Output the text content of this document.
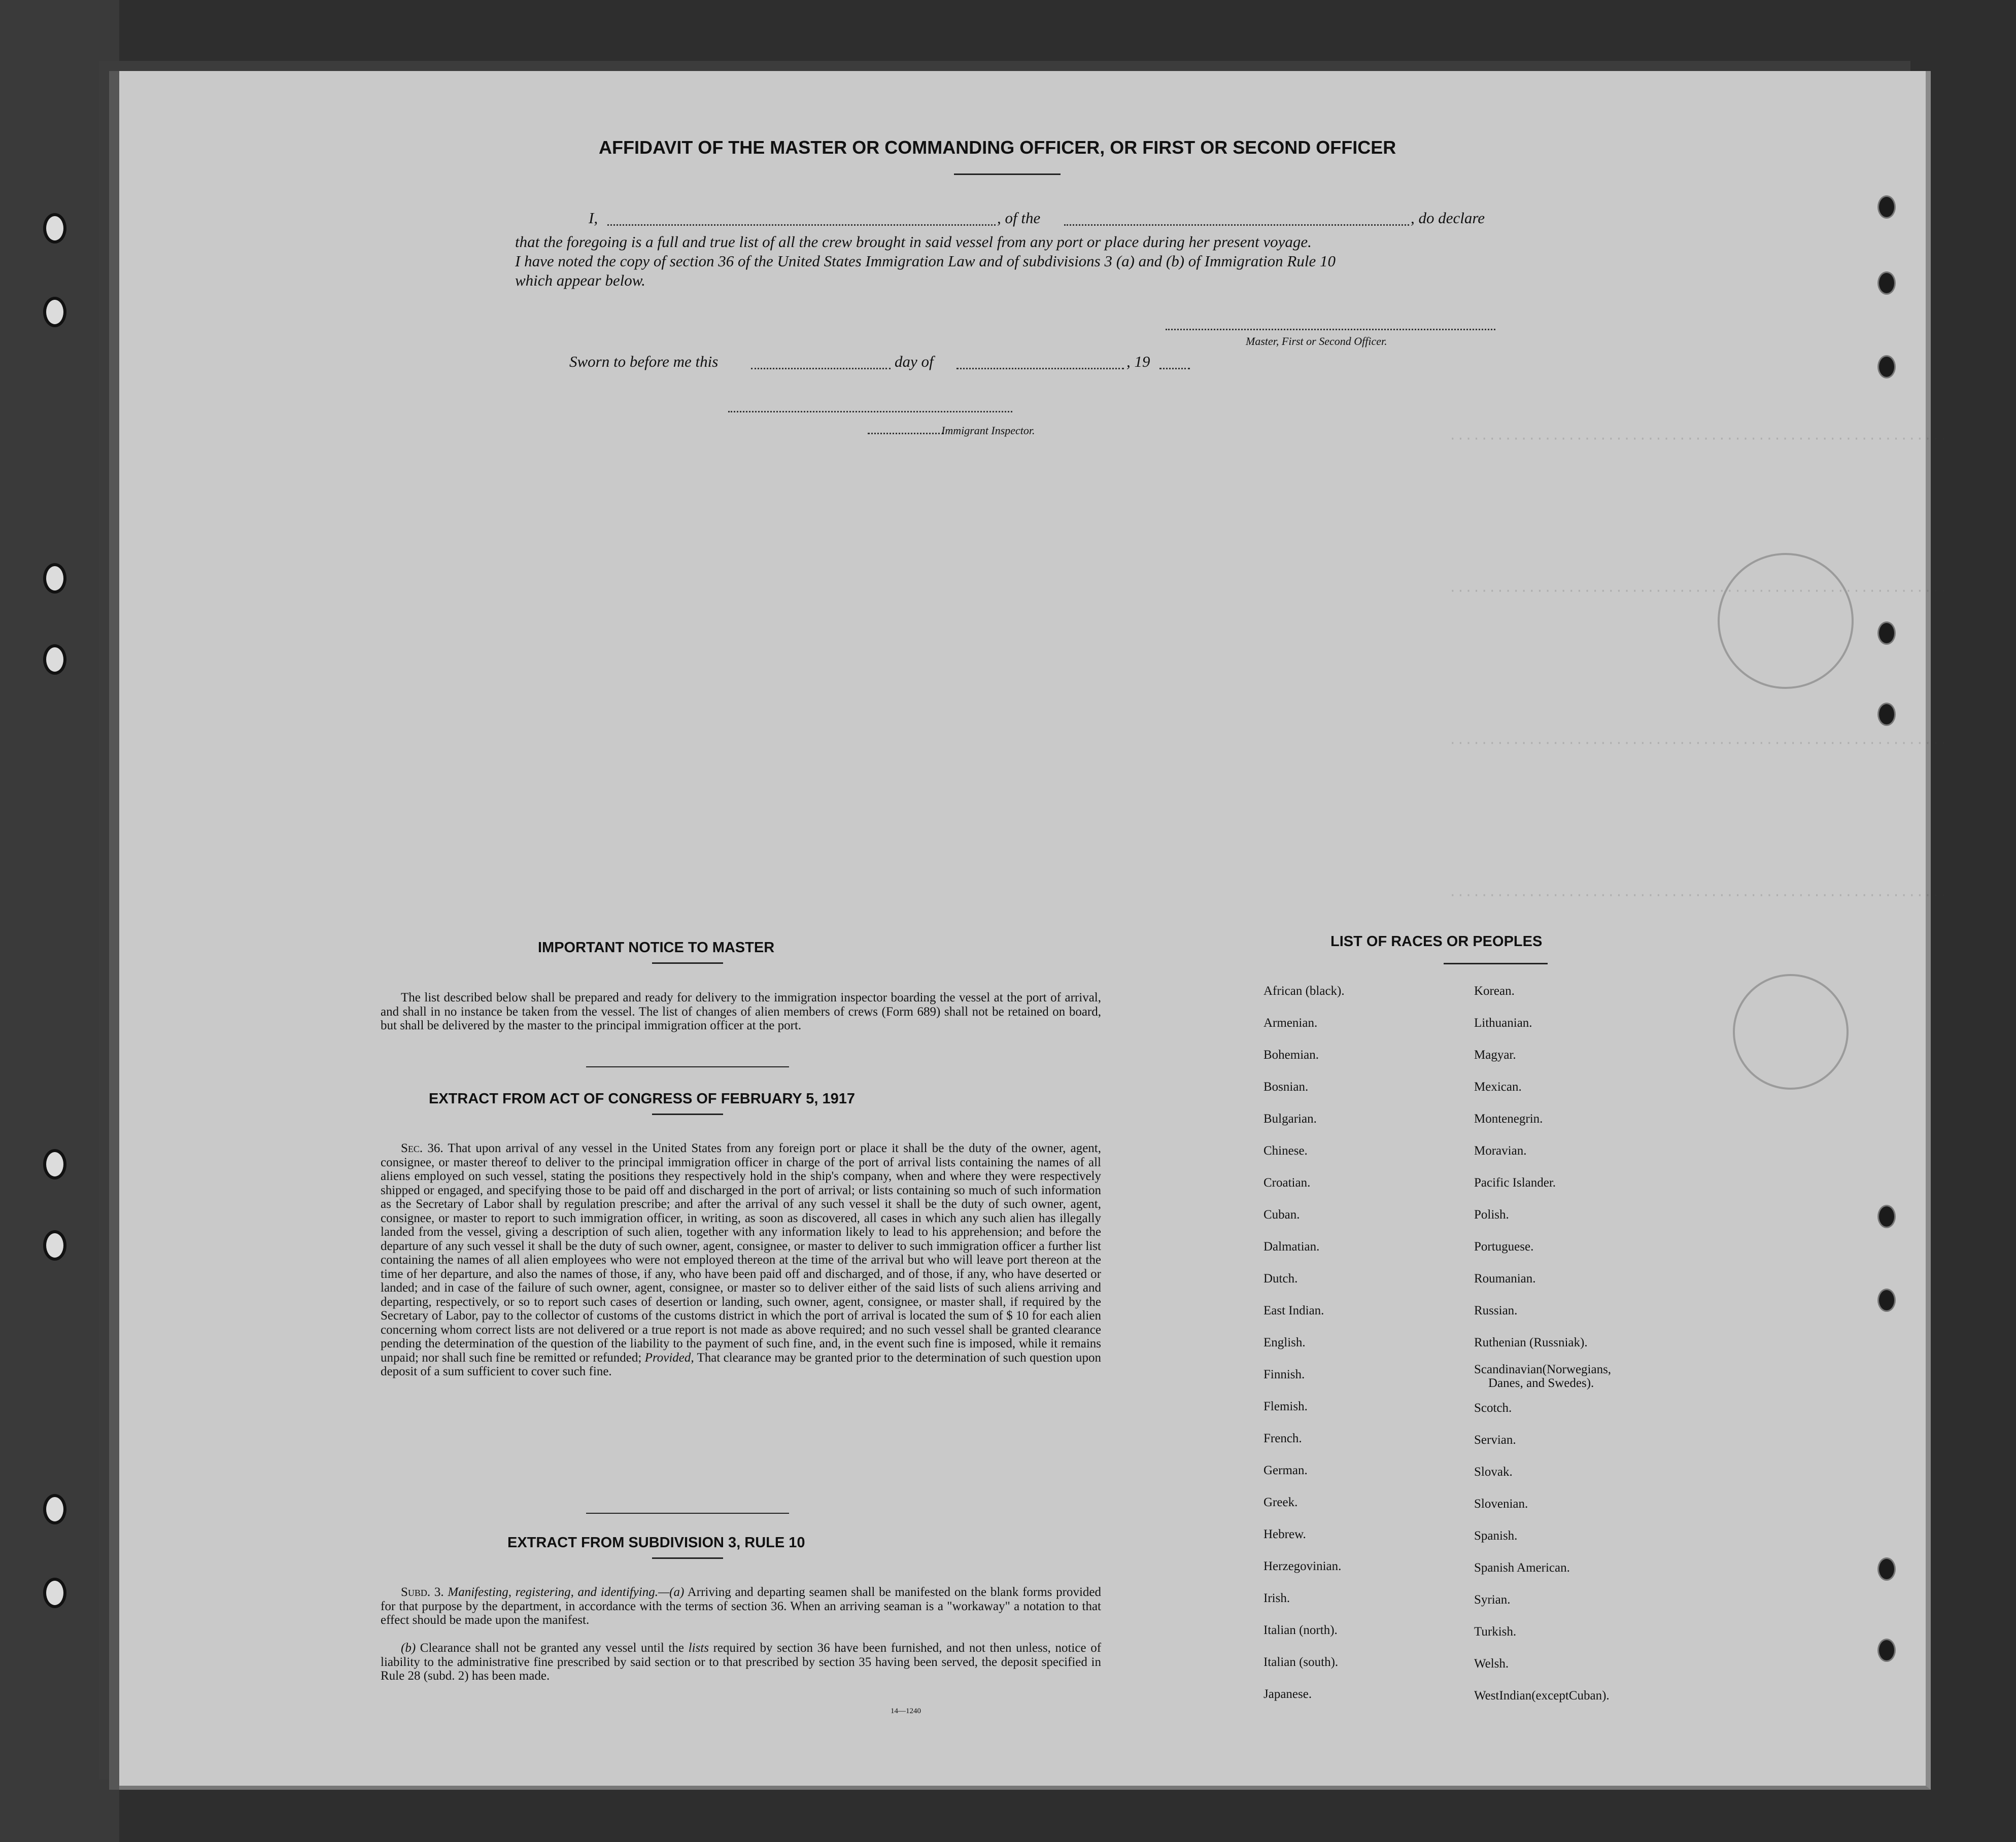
·······························································
·······························································
·······························································
·······························································
AFFIDAVIT OF THE MASTER OR COMMANDING OFFICER, OR FIRST OR SECOND OFFICER
I,	, of the	, do declare
that the foregoing is a full and true list of all the crew brought in said vessel from any port or place during her present voyage.
I have noted the copy of section 36 of the United States Immigration Law and of subdivisions 3 (a) and (b) of Immigration Rule 10
which appear below.
Master, First or Second Officer.
Sworn to before me this	day of	, 19
Immigrant Inspector.
IMPORTANT NOTICE TO MASTER
The list described below shall be prepared and ready for delivery to the immigration inspector boarding the vessel at the port of arrival, and shall in no instance be taken from the vessel. The list of changes of alien members of crews (Form 689) shall not be retained on board, but shall be delivered by the master to the principal immigration officer at the port.
EXTRACT FROM ACT OF CONGRESS OF FEBRUARY 5, 1917
Sec. 36. That upon arrival of any vessel in the United States from any foreign port or place it shall be the duty of the owner, agent, consignee, or master thereof to deliver to the principal immigration officer in charge of the port of arrival lists containing the names of all aliens employed on such vessel, stating the positions they respectively hold in the ship's company, when and where they were respectively shipped or engaged, and specifying those to be paid off and discharged in the port of arrival; or lists containing so much of such information as the Secretary of Labor shall by regulation prescribe; and after the arrival of any such vessel it shall be the duty of such owner, agent, consignee, or master to report to such immigration officer, in writing, as soon as discovered, all cases in which any such alien has illegally landed from the vessel, giving a description of such alien, together with any information likely to lead to his apprehension; and before the departure of any such vessel it shall be the duty of such owner, agent, consignee, or master to deliver to such immigration officer a further list containing the names of all alien employees who were not employed thereon at the time of the arrival but who will leave port thereon at the time of her departure, and also the names of those, if any, who have been paid off and discharged, and of those, if any, who have deserted or landed; and in case of the failure of such owner, agent, consignee, or master so to deliver either of the said lists of such aliens arriving and departing, respectively, or so to report such cases of desertion or landing, such owner, agent, consignee, or master shall, if required by the Secretary of Labor, pay to the collector of customs of the customs district in which the port of arrival is located the sum of $ 10 for each alien concerning whom correct lists are not delivered or a true report is not made as above required; and no such vessel shall be granted clearance pending the determination of the question of the liability to the payment of such fine, and, in the event such fine is imposed, while it remains unpaid; nor shall such fine be remitted or refunded; Provided, That clearance may be granted prior to the determination of such question upon deposit of a sum sufficient to cover such fine.
EXTRACT FROM SUBDIVISION 3, RULE 10
Subd. 3. Manifesting, registering, and identifying.—(a) Arriving and departing seamen shall be manifested on the blank forms provided for that purpose by the department, in accordance with the terms of section 36. When an arriving seaman is a "workaway" a notation to that effect should be made upon the manifest.
(b) Clearance shall not be granted any vessel until the lists required by section 36 have been furnished, and not then unless, notice of liability to the administrative fine prescribed by said section or to that prescribed by section 35 having been served, the deposit specified in Rule 28 (subd. 2) has been made.
14—1240
LIST OF RACES OR PEOPLES
African (black).
Armenian.
Bohemian.
Bosnian.
Bulgarian.
Chinese.
Croatian.
Cuban.
Dalmatian.
Dutch.
East Indian.
English.
Finnish.
Flemish.
French.
German.
Greek.
Hebrew.
Herzegovinian.
Irish.
Italian (north).
Italian (south).
Japanese.
Korean.
Lithuanian.
Magyar.
Mexican.
Montenegrin.
Moravian.
Pacific Islander.
Polish.
Portuguese.
Roumanian.
Russian.
Ruthenian (Russniak).
Scandinavian(Norwegians,
Danes, and Swedes).
Scotch.
Servian.
Slovak.
Slovenian.
Spanish.
Spanish American.
Syrian.
Turkish.
Welsh.
WestIndian(exceptCuban).
